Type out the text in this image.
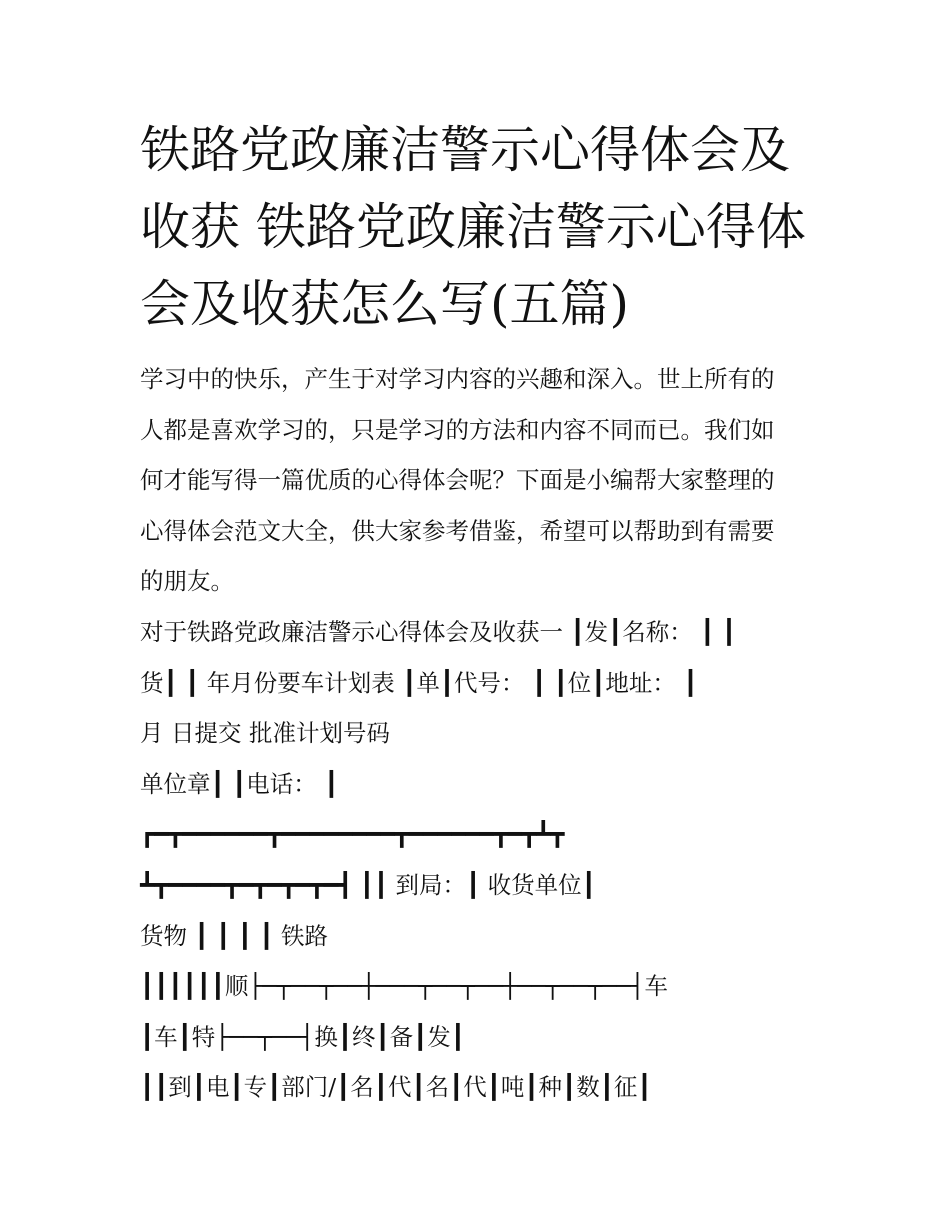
铁路党政廉洁警示心得体会及
收获 铁路党政廉洁警示心得体
会及收获怎么写(五篇)
学习中的快乐，产生于对学习内容的兴趣和深入。世上所有的
人都是喜欢学习的，只是学习的方法和内容不同而已。我们如
何才能写得一篇优质的心得体会呢？下面是小编帮大家整理的
心得体会范文大全，供大家参考借鉴，希望可以帮助到有需要
的朋友。
对于铁路党政廉洁警示心得体会及收获一 ┃发┃名称： ┃ ┃
货┃ ┃ 年月份要车计划表 ┃单┃代号： ┃ ┃位┃地址： ┃
月 日提交 批准计划号码
单位章┃ ┃电话： ┃
┏━┳━━━━━━┳━━━━━━━━┳━━━━━━┳━┳┻┳
┻┳━━━━┳━┳━┳━┳━┫ ┃┃ 到局：┃ 收货单位┃
货物 ┃ ┃ ┃ ┃ 铁路
┃┃┃┃┃┃顺├─┬──┬──┼───┬──┬──┼──┬──┬──┤车
┃车┃特├──┬──┤换┃终┃备┃发┃
┃┃到┃电┃专┃部门/┃名┃代┃名┃代┃吨┃种┃数┃征┃
